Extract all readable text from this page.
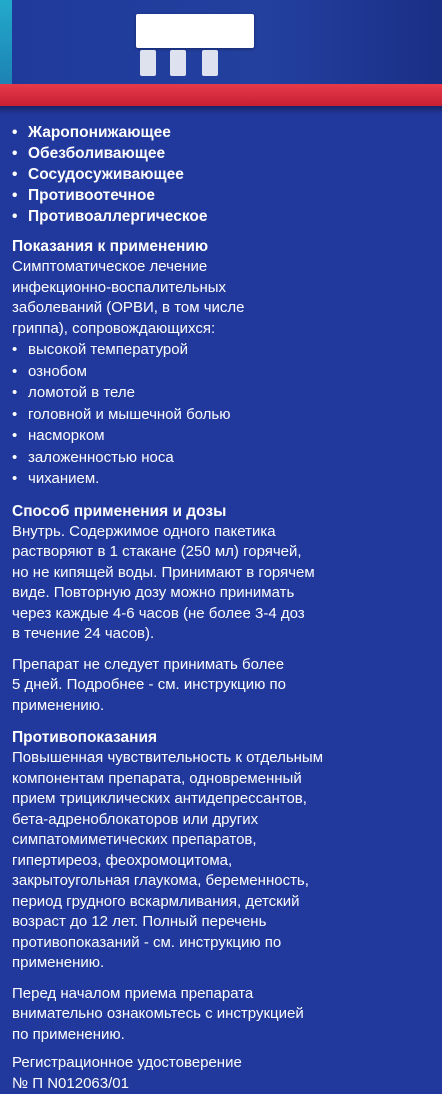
• Жаропонижающее
• Обезболивающее
• Сосудосуживающее
• Противоотечное
• Противоаллергическое
Показания к применению

Симптоматическое лечение

инфекционно-воспалительных

заболеваний (ОРВИ, в том числе

гриппа), сопровождающихся:

• высокой температурой
• ознобом
• ломотой в теле
• головной и мышечной болью
• насморком
• заложенностью носа
• чиханием.
Способ применения и дозы

Внутрь. Содержимое одного пакетика

растворяют в 1 стакане (250 мл) горячей,

но не кипящей воды. Принимают в горячем

виде. Повторную дозу можно принимать

через каждые 4-6 часов (не более 3-4 доз

в течение 24 часов).

Препарат не следует принимать более

5 дней. Подробнее - см. инструкцию по

применению.

Противопоказания

Повышенная чувствительность к отдельным

компонентам препарата, одновременный

прием трициклических антидепрессантов,

бета-адреноблокаторов или других

симпатомиметических препаратов,

гипертиреоз, феохромоцитома,

закрытоугольная глаукома, беременность,

период грудного вскармливания, детский

возраст до 12 лет. Полный перечень

противопоказаний - см. инструкцию по

применению.

Перед началом приема препарата

внимательно ознакомьтесь с инструкцией

по применению.

Регистрационное удостоверение

№ П N012063/01
